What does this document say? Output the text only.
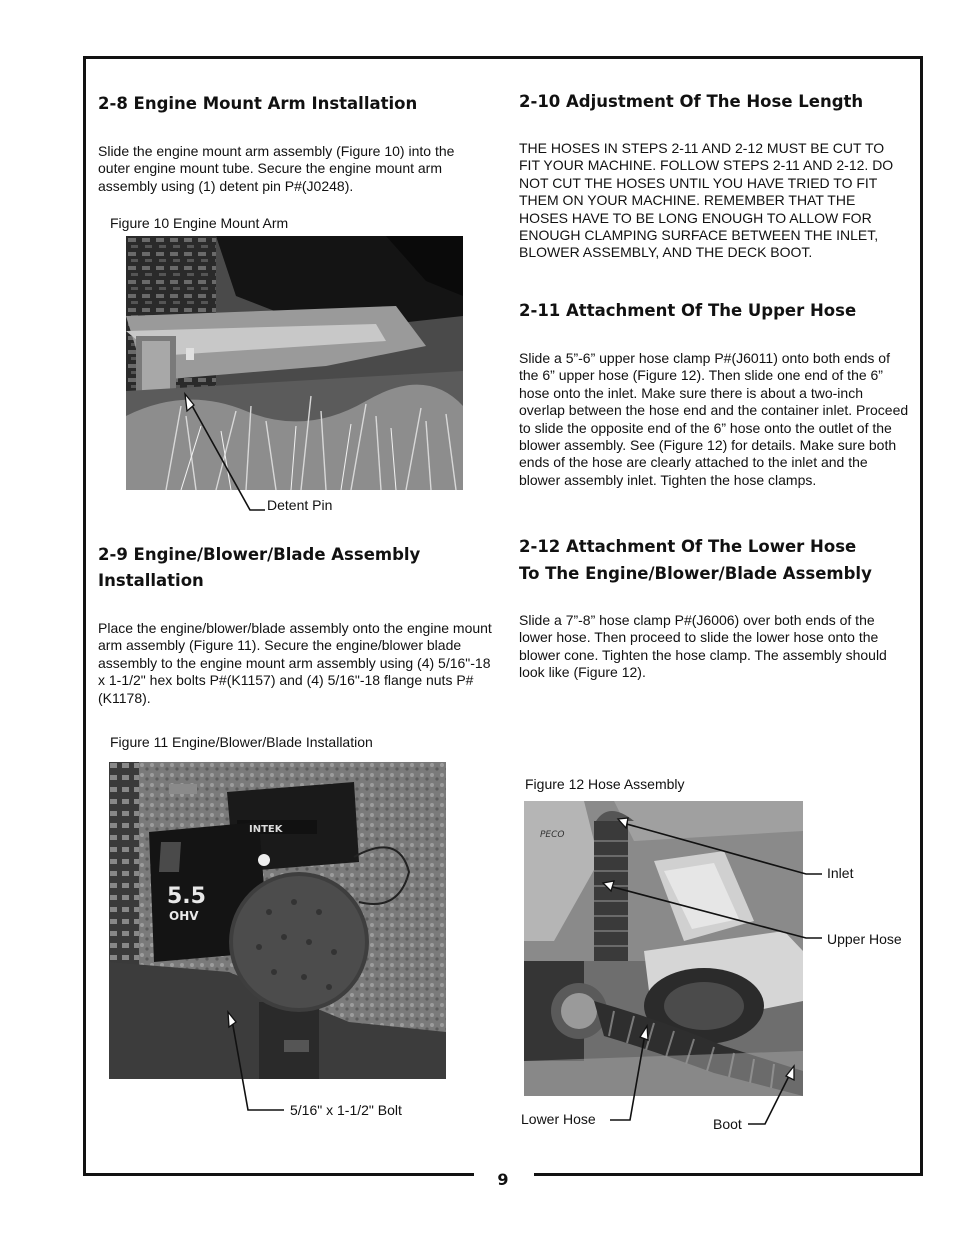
2-8 Engine Mount Arm Installation

Slide the engine mount arm assembly (Figure 10) into the outer engine mount tube. Secure the engine mount arm assembly using (1) detent pin P#(J0248).

Figure 10 Engine Mount Arm

Detent Pin

2-9 Engine/Blower/Blade Assembly
Installation

Place the engine/blower/blade assembly onto the engine mount arm assembly (Figure 11). Secure the engine/blower blade assembly to the engine mount arm assembly using (4) 5/16"-18 x 1-1/2" hex bolts P#(K1157) and (4) 5/16"-18 flange nuts P#(K1178).

Figure 11 Engine/Blower/Blade Installation

5.5
OHV
INTEK

5/16" x 1-1/2" Bolt

2-10 Adjustment Of The Hose Length

THE HOSES IN STEPS 2-11 AND 2-12 MUST BE CUT TO FIT YOUR MACHINE. FOLLOW STEPS 2-11 AND 2-12. DO NOT CUT THE HOSES UNTIL YOU HAVE TRIED TO FIT THEM ON YOUR MACHINE. REMEMBER THAT THE HOSES HAVE TO BE LONG ENOUGH TO ALLOW FOR ENOUGH CLAMPING SURFACE BETWEEN THE INLET, BLOWER ASSEMBLY, AND THE DECK BOOT.

2-11 Attachment Of The Upper Hose

Slide a 5”-6” upper hose clamp P#(J6011) onto both ends of the 6” upper hose (Figure 12). Then slide one end of the 6” hose onto the inlet. Make sure there is about a two-inch overlap between the hose end and the container inlet. Proceed to slide the opposite end of the 6” hose onto the outlet of the blower assembly. See (Figure 12) for details. Make sure both ends of the hose are clearly attached to the inlet and the blower assembly inlet. Tighten the hose clamps.

2-12 Attachment Of The Lower Hose
To The Engine/Blower/Blade Assembly

Slide a 7”-8” hose clamp P#(J6006) over both ends of the lower hose. Then proceed to slide the lower hose onto the blower cone. Tighten the hose clamp. The assembly should look like (Figure 12).

Figure 12 Hose Assembly

PECO

Inlet

Upper Hose

Lower Hose	Boot

9
